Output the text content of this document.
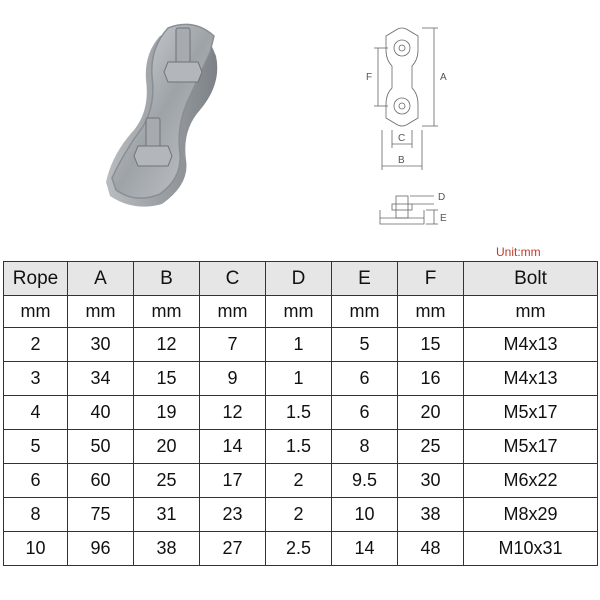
A
F
C
B
D
E
Unit:mm
Rope	A	B	C	D	E	F	Bolt
mm	mm	mm	mm	mm	mm	mm	mm
2	30	12	7	1	5	15	M4x13
3	34	15	9	1	6	16	M4x13
4	40	19	12	1.5	6	20	M5x17
5	50	20	14	1.5	8	25	M5x17
6	60	25	17	2	9.5	30	M6x22
8	75	31	23	2	10	38	M8x29
10	96	38	27	2.5	14	48	M10x31
